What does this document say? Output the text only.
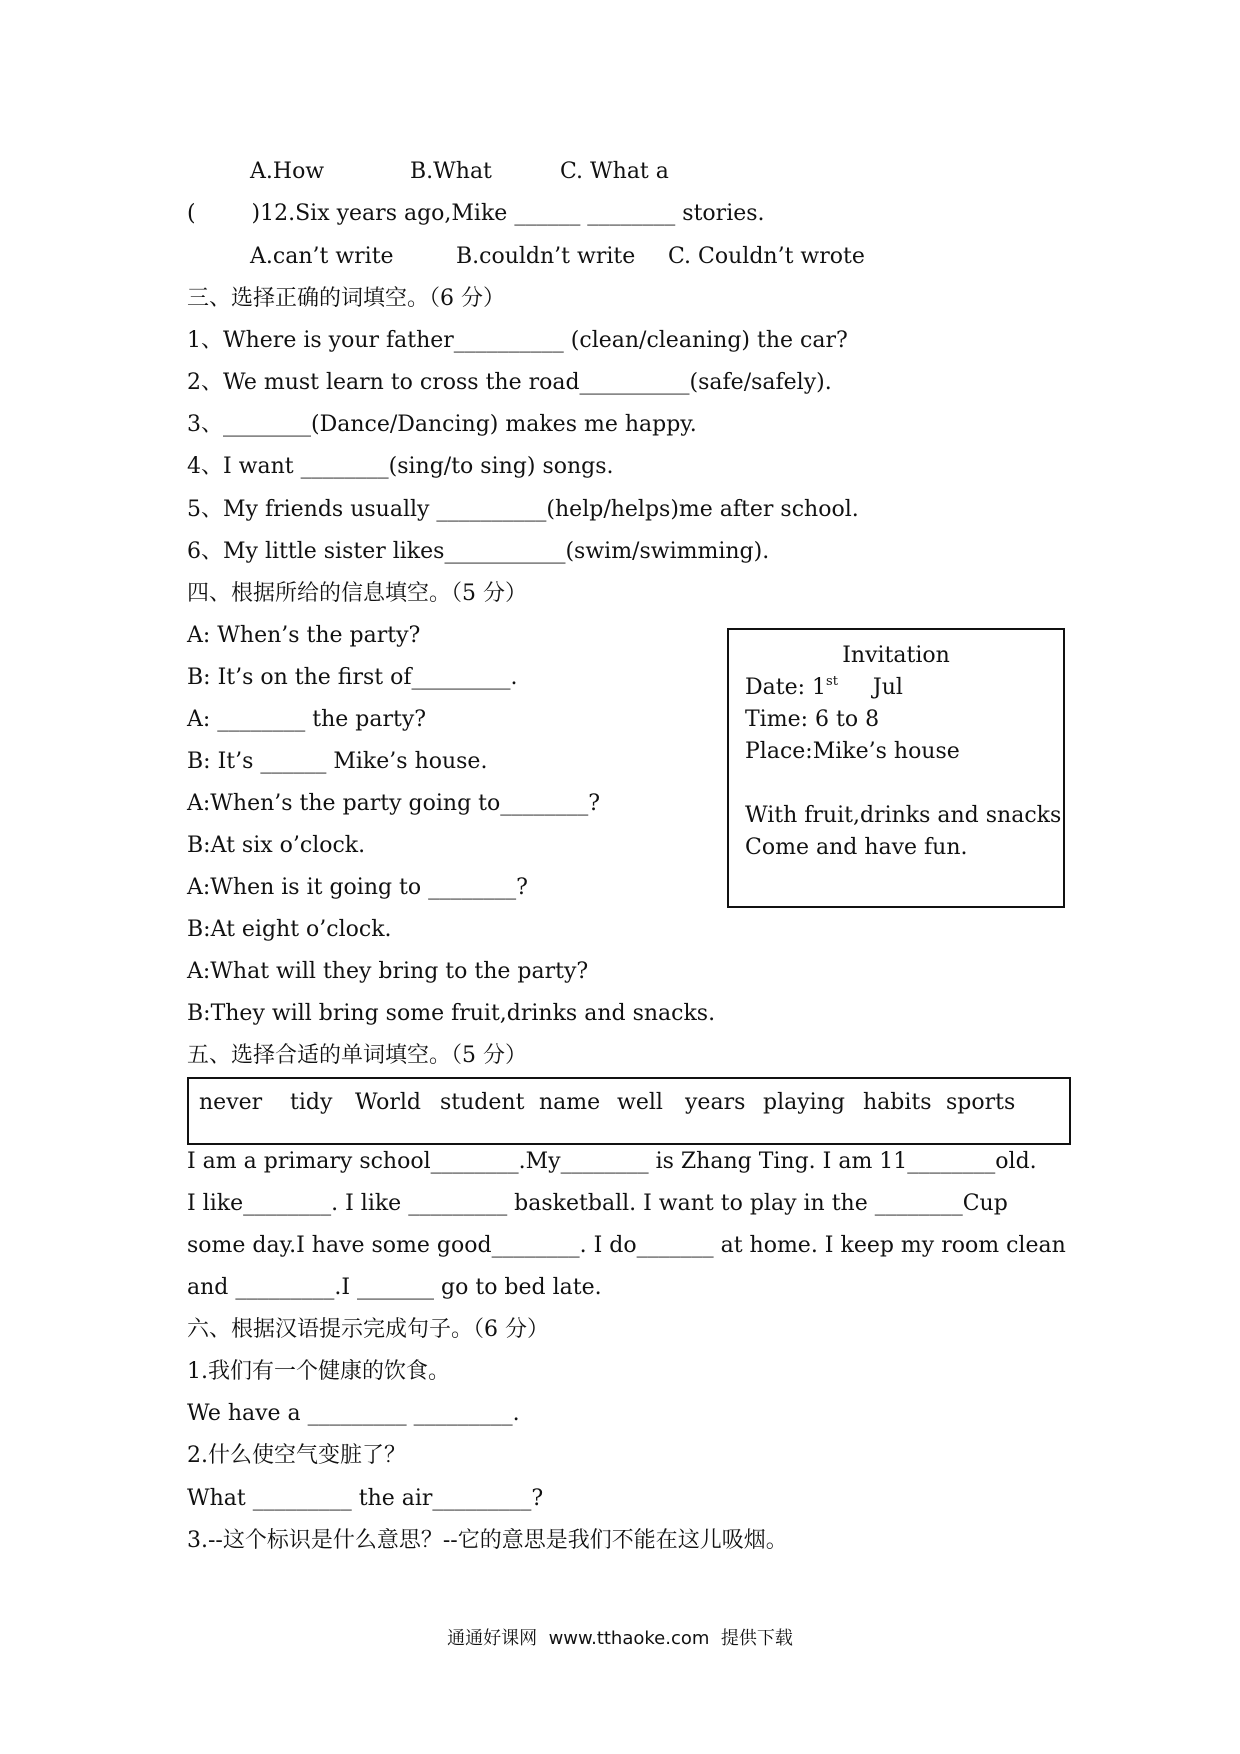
A.How	B.What	C. What a
(        )12.Six years ago,Mike ______ ________ stories.
A.can’t write	B.couldn’t write C. Couldn’t wrote
三、选择正确的词填空。（6 分）
1、Where is your father__________ (clean/cleaning) the car?
2、We must learn to cross the road__________(safe/safely).
3、________(Dance/Dancing) makes me happy.
4、I want ________(sing/to sing) songs.
5、My friends usually __________(help/helps)me after school.
6、My little sister likes___________(swim/swimming).
四、根据所给的信息填空。（5 分）
A: When’s the party?
B: It’s on the first of_________.
A: ________ the party?
B: It’s ______ Mike’s house.
A:When’s the party going to________?
B:At six o’clock.
A:When is it going to ________?
B:At eight o’clock.
A:What will they bring to the party?
B:They will bring some fruit,drinks and snacks.
Invitation
Date: 1st Jul
Time: 6 to 8
Place:Mike’s house
With fruit,drinks and snacks
Come and have fun.
五、选择合适的单词填空。（5 分）
never tidy World student name well years playing habits sports
I am a primary school________.My________ is Zhang Ting. I am 11________old.
I like________. I like _________ basketball. I want to play in the ________Cup
some day.I have some good________. I do_______ at home. I keep my room clean
and _________.I _______ go to bed late.
六、根据汉语提示完成句子。（6 分）
1.我们有一个健康的饮食。
We have a _________ _________.
2.什么使空气变脏了？
What _________ the air_________?
3.--这个标识是什么意思？--它的意思是我们不能在这儿吸烟。
通通好课网  www.tthaoke.com  提供下载
